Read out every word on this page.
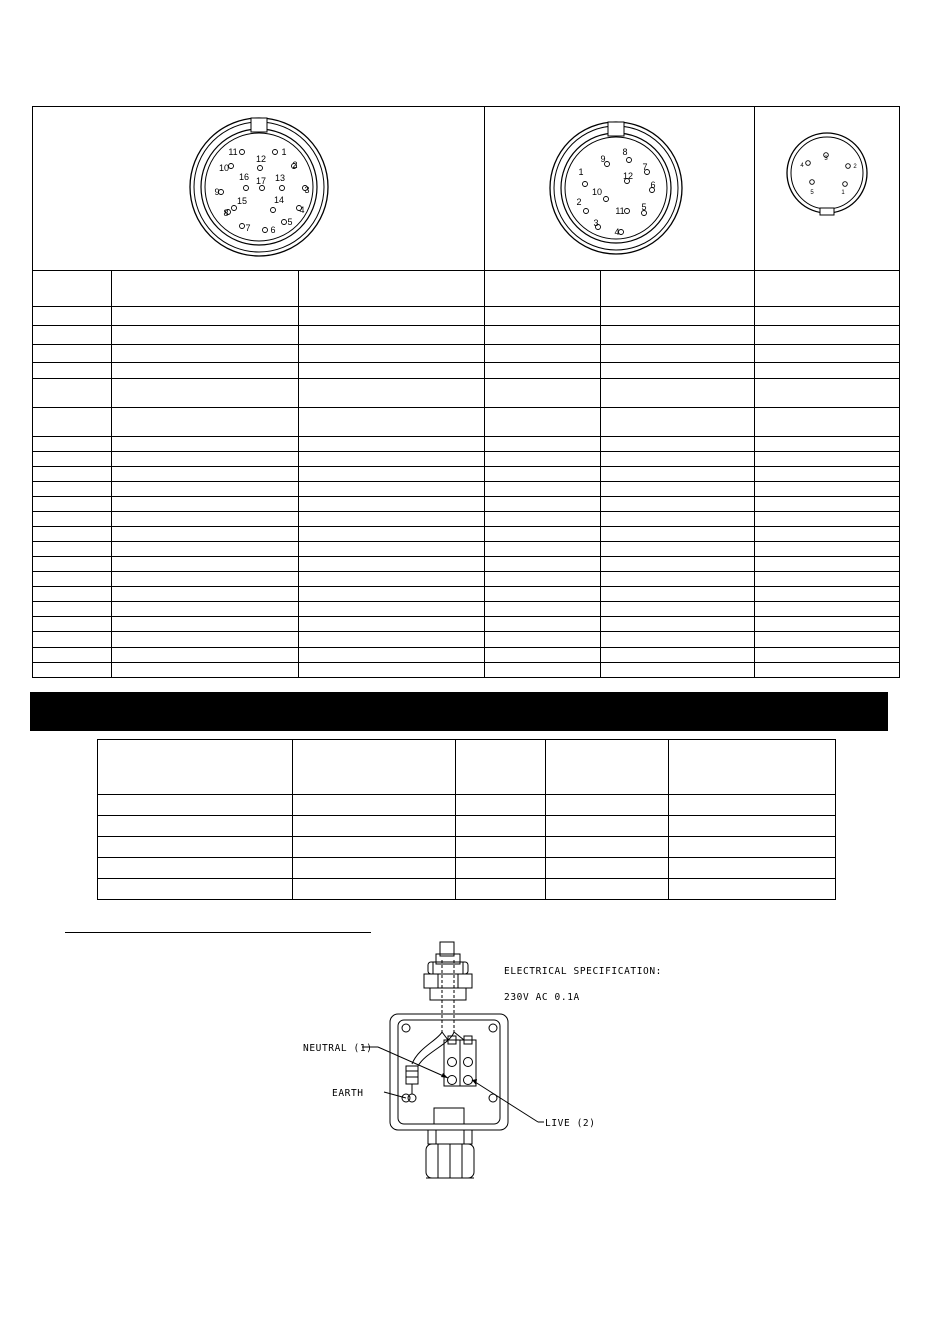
1
2
3
4
5
6
7
8
9
10
11
12
13
14
15
16 17
1
2
3
4
5
6
7
8
9
10
11
12
1
2
3
4
5

ELECTRICAL SPECIFICATION:
230V AC 0.1A
NEUTRAL (1)
EARTH
LIVE (2)
